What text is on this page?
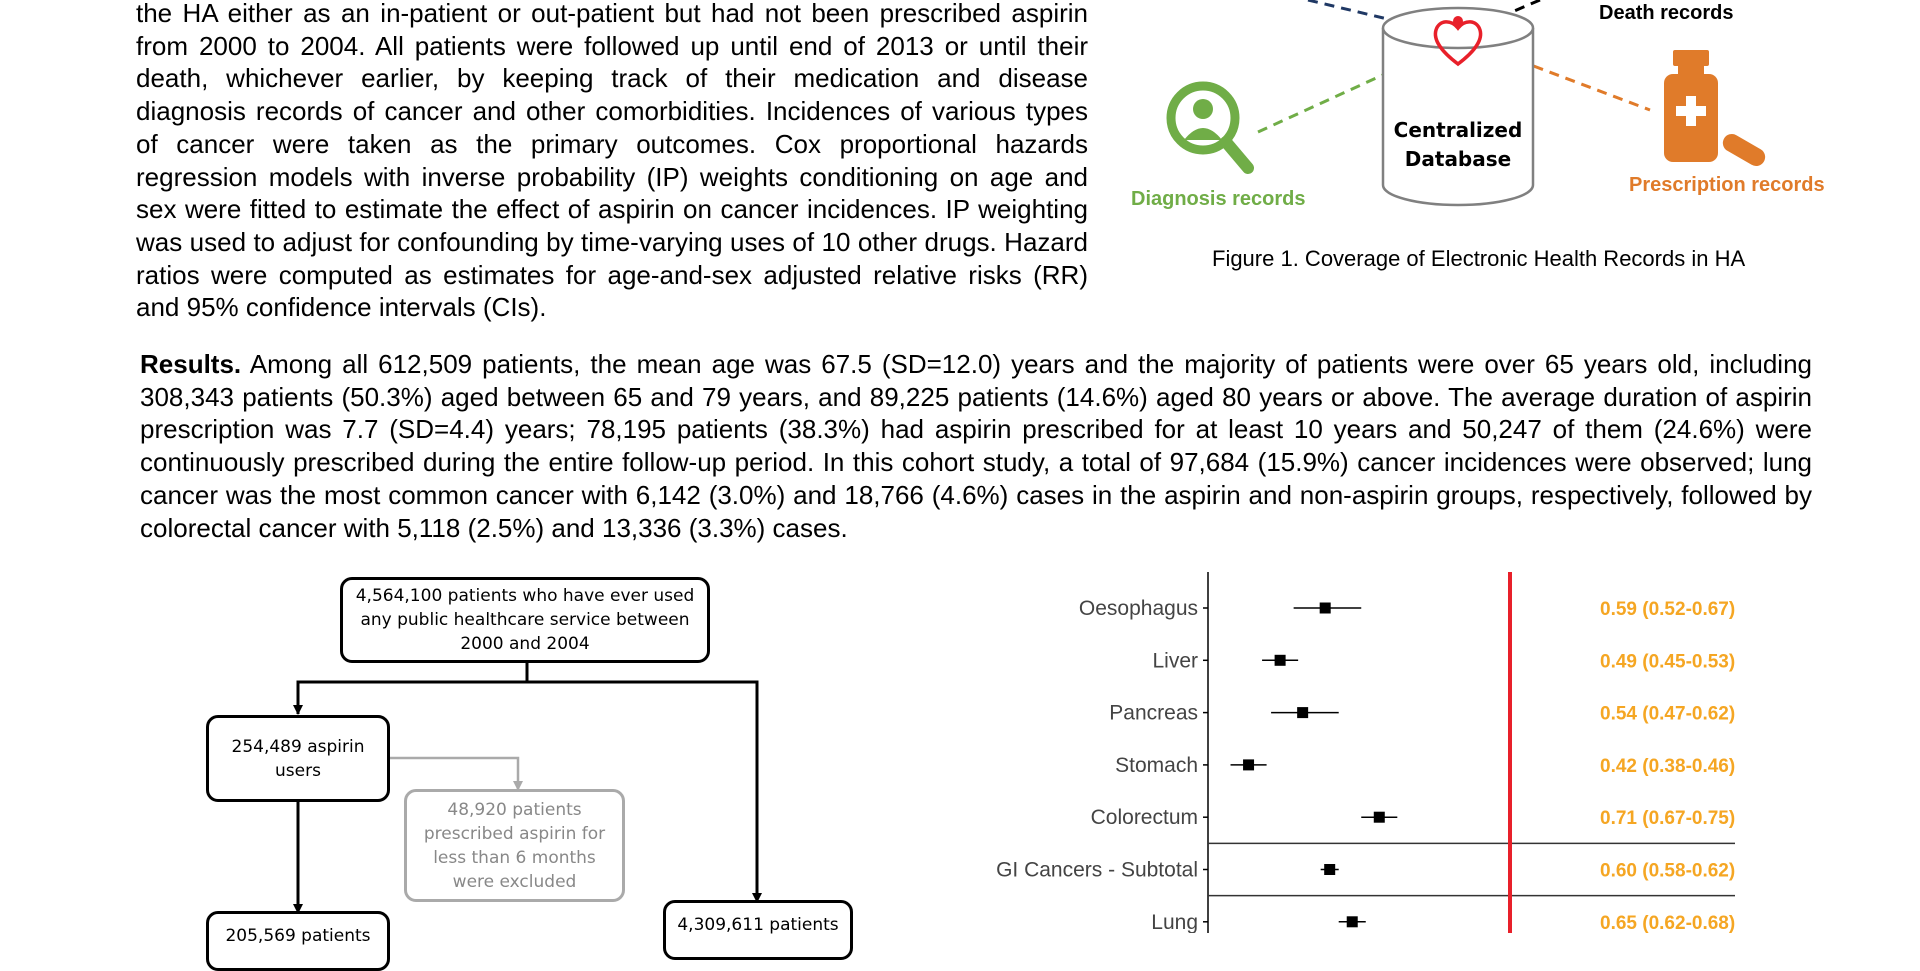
the HA either as an in-patient or out-patient but had not been prescribed aspirin from 2000 to 2004. All patients were followed up until end of 2013 or until their death, whichever earlier, by keeping track of their medication and disease diagnosis records of cancer and other comorbidities. Incidences of various types of cancer were taken as the primary outcomes. Cox proportional hazards regression models with inverse probability (IP) weights conditioning on age and sex were fitted to estimate the effect of aspirin on cancer incidences. IP weighting was used to adjust for confounding by time-varying uses of 10 other drugs. Hazard ratios were computed as estimates for age-and-sex adjusted relative risks (RR) and 95% confidence intervals (CIs).
Centralized
Database
Death records
Diagnosis records
Prescription records
Figure 1. Coverage of Electronic Health Records in HA
Results. Among all 612,509 patients, the mean age was 67.5 (SD=12.0) years and the majority of patients were over 65 years old, including 308,343 patients (50.3%) aged between 65 and 79 years, and 89,225 patients (14.6%) aged 80 years or above. The average duration of aspirin prescription was 7.7 (SD=4.4) years; 78,195 patients (38.3%) had aspirin prescribed for at least 10 years and 50,247 of them (24.6%) were continuously prescribed during the entire follow-up period. In this cohort study, a total of 97,684 (15.9%) cancer incidences were observed; lung cancer was the most common cancer with 6,142 (3.0%) and 18,766 (4.6%) cases in the aspirin and non-aspirin groups, respectively, followed by colorectal cancer with 5,118 (2.5%) and 13,336 (3.3%) cases.
4,564,100 patients who have ever used any public healthcare service between 2000 and 2004
254,489 aspirin users
48,920 patients prescribed aspirin for less than 6 months were excluded
205,569 patients
4,309,611 patients
Oesophagus	0.59 (0.52-0.67)
Liver	0.49 (0.45-0.53)
Pancreas	0.54 (0.47-0.62)
Stomach	0.42 (0.38-0.46)
Colorectum	0.71 (0.67-0.75)
GI Cancers - Subtotal	0.60 (0.58-0.62)
Lung	0.65 (0.62-0.68)
